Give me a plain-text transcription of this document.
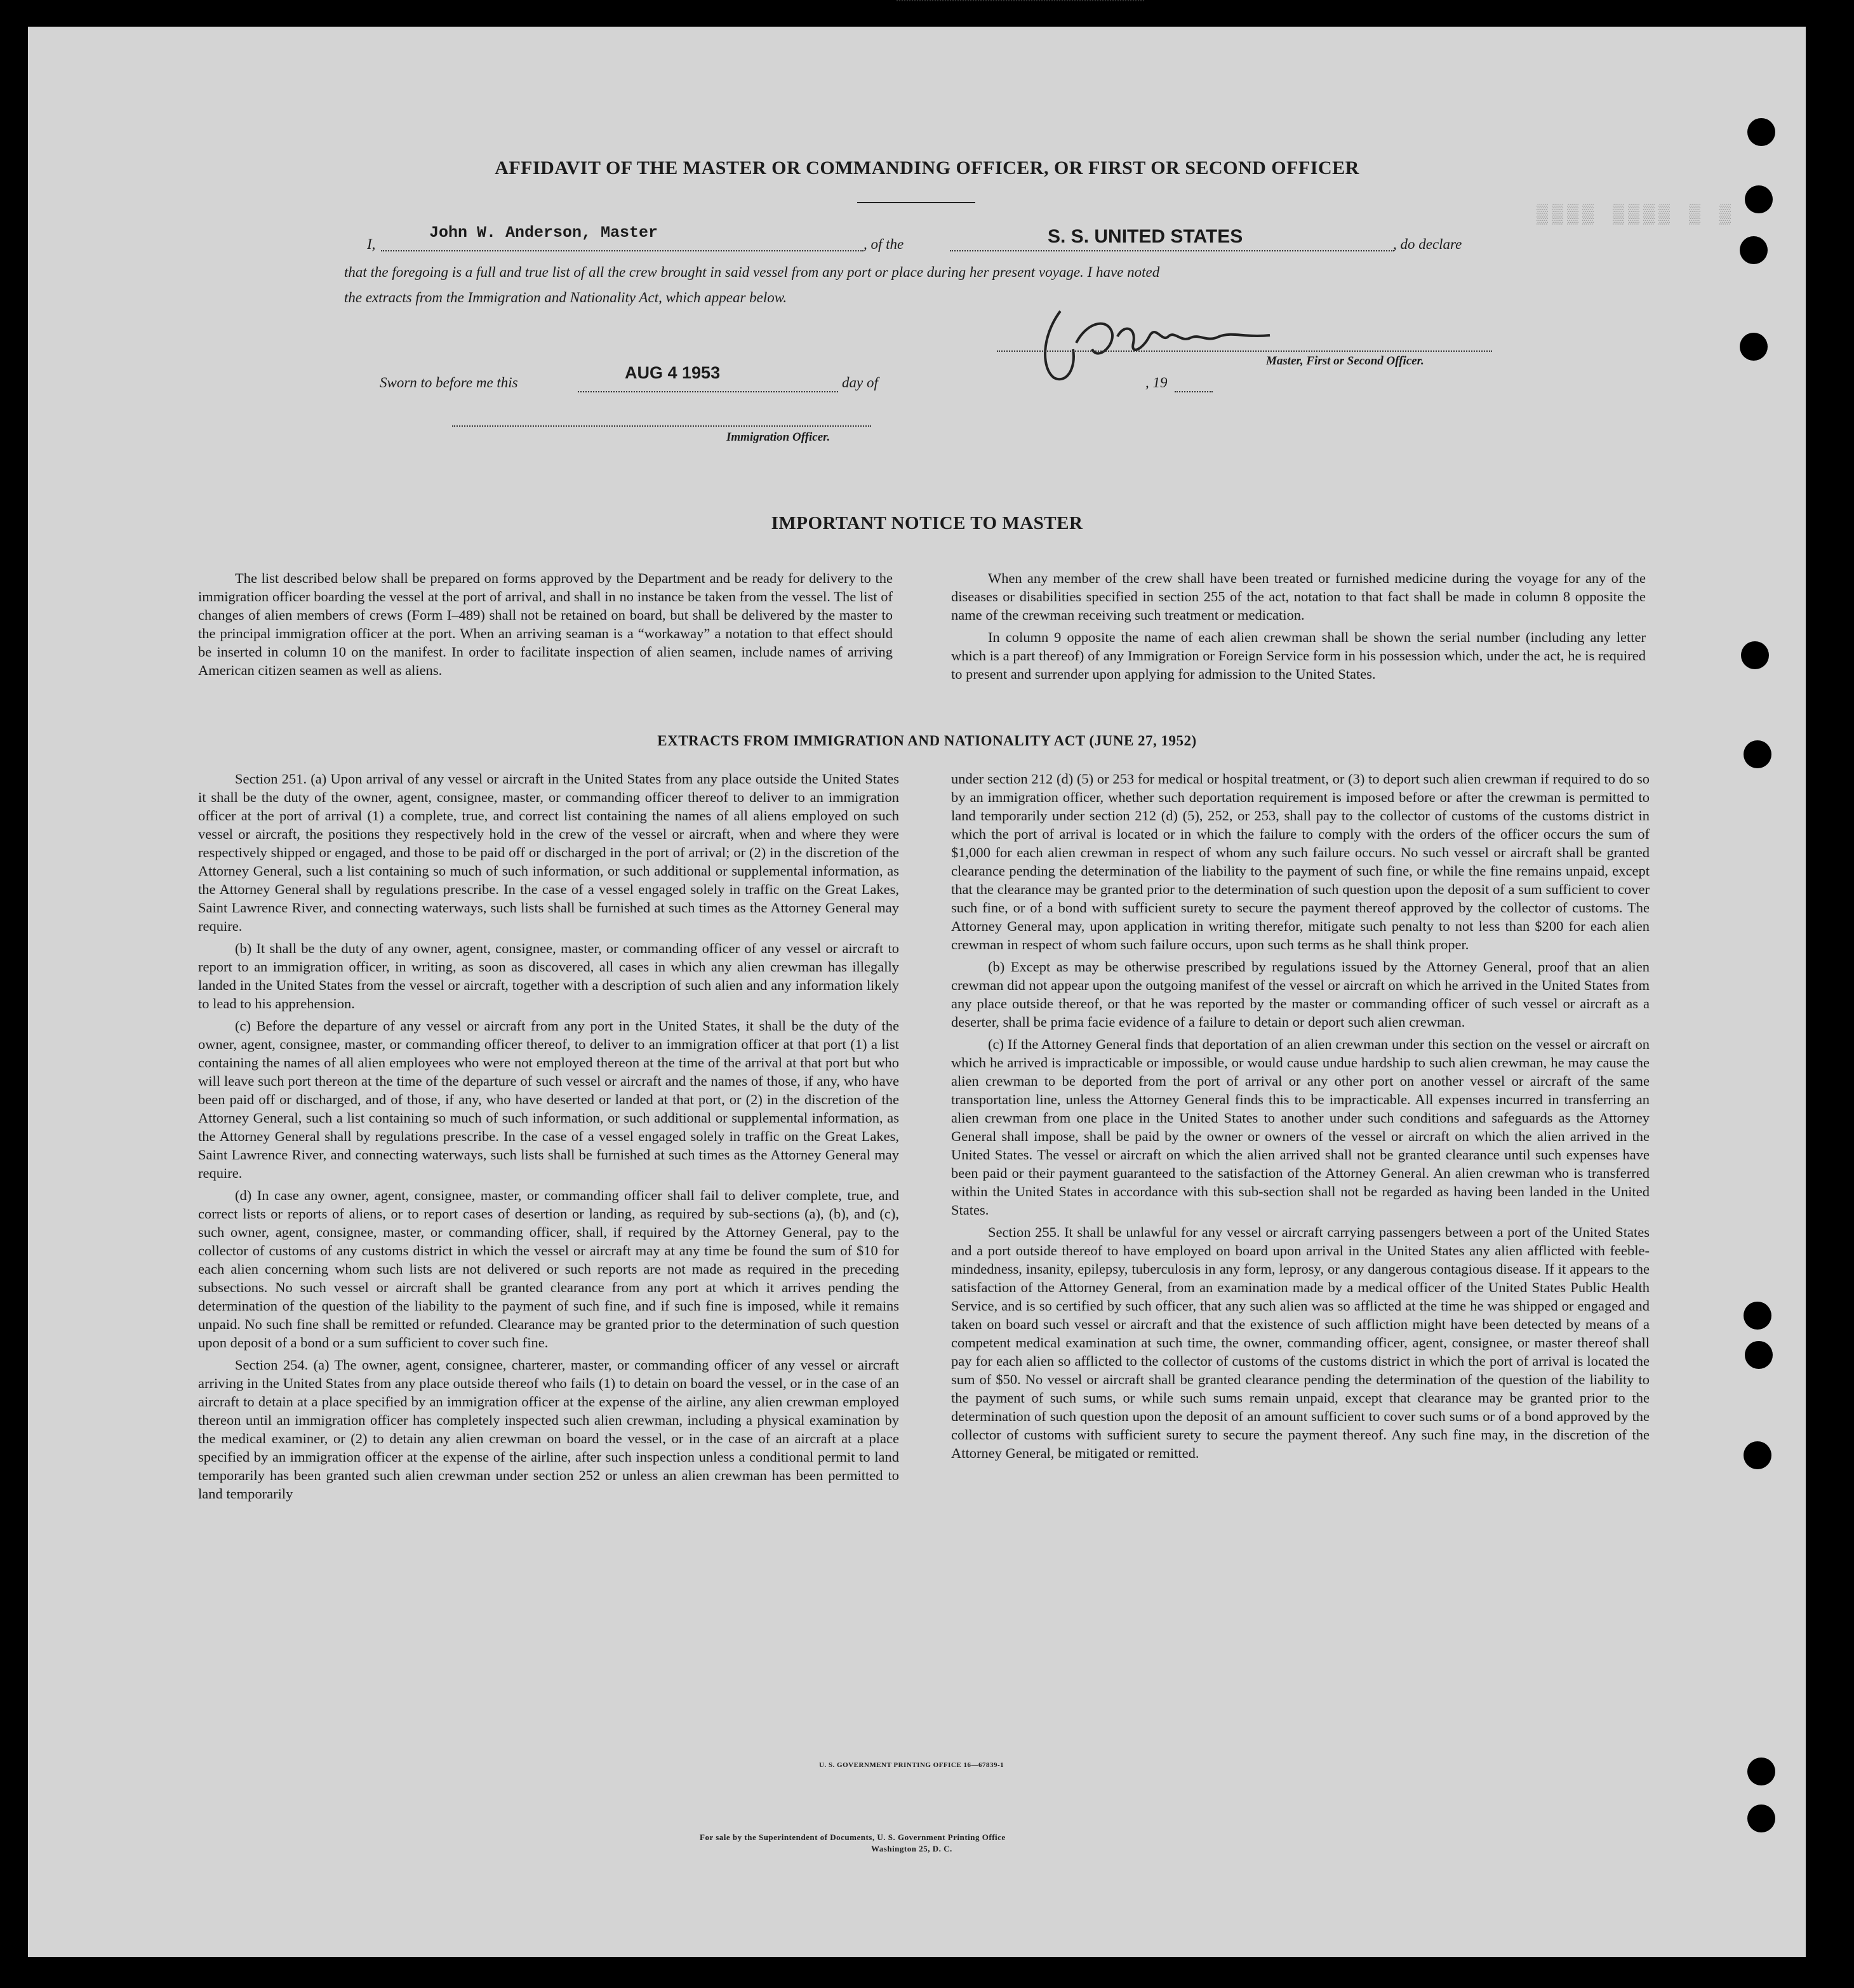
▒▒▒▒ ▒▒▒▒ ▒ ▒
AFFIDAVIT OF THE MASTER OR COMMANDING OFFICER, OR FIRST OR SECOND OFFICER
I,
John W. Anderson, Master
, of the	S. S. UNITED STATES	, do declare
that the foregoing is a full and true list of all the crew brought in said vessel from any port or place during her present voyage. I have noted
the extracts from the Immigration and Nationality Act, which appear below.
Master, First or Second Officer.
Sworn to before me this
AUG 4 1953
day of	, 19
Immigration Officer.
IMPORTANT NOTICE TO MASTER

The list described below shall be prepared on forms approved by the Department and be ready for delivery to the immigration officer boarding the vessel at the port of arrival, and shall in no instance be taken from the vessel. The list of changes of alien members of crews (Form I–489) shall not be retained on board, but shall be delivered by the master to the principal immigration officer at the port. When an arriving seaman is a “workaway” a notation to that effect should be inserted in column 10 on the manifest. In order to facilitate inspection of alien seamen, include names of arriving American citizen seamen as well as aliens.

When any member of the crew shall have been treated or furnished medicine during the voyage for any of the diseases or disabilities specified in section 255 of the act, notation to that fact shall be made in column 8 opposite the name of the crewman receiving such treatment or medication.

In column 9 opposite the name of each alien crewman shall be shown the serial number (including any letter which is a part thereof) of any Immigration or Foreign Service form in his possession which, under the act, he is required to present and surrender upon applying for admission to the United States.

EXTRACTS FROM IMMIGRATION AND NATIONALITY ACT (JUNE 27, 1952)

Section 251. (a) Upon arrival of any vessel or aircraft in the United States from any place outside the United States it shall be the duty of the owner, agent, consignee, master, or commanding officer thereof to deliver to an immigration officer at the port of arrival (1) a complete, true, and correct list containing the names of all aliens employed on such vessel or aircraft, the positions they respectively hold in the crew of the vessel or aircraft, when and where they were respectively shipped or engaged, and those to be paid off or discharged in the port of arrival; or (2) in the discretion of the Attorney General, such a list containing so much of such information, or such additional or supplemental information, as the Attorney General shall by regulations prescribe. In the case of a vessel engaged solely in traffic on the Great Lakes, Saint Lawrence River, and connecting waterways, such lists shall be furnished at such times as the Attorney General may require.

(b) It shall be the duty of any owner, agent, consignee, master, or commanding officer of any vessel or aircraft to report to an immigration officer, in writing, as soon as discovered, all cases in which any alien crewman has illegally landed in the United States from the vessel or aircraft, together with a description of such alien and any information likely to lead to his apprehension.

(c) Before the departure of any vessel or aircraft from any port in the United States, it shall be the duty of the owner, agent, consignee, master, or commanding officer thereof, to deliver to an immigration officer at that port (1) a list containing the names of all alien employees who were not employed thereon at the time of the arrival at that port but who will leave such port thereon at the time of the departure of such vessel or aircraft and the names of those, if any, who have been paid off or discharged, and of those, if any, who have deserted or landed at that port, or (2) in the discretion of the Attorney General, such a list containing so much of such information, or such additional or supplemental information, as the Attorney General shall by regulations prescribe. In the case of a vessel engaged solely in traffic on the Great Lakes, Saint Lawrence River, and connecting waterways, such lists shall be furnished at such times as the Attorney General may require.

(d) In case any owner, agent, consignee, master, or commanding officer shall fail to deliver complete, true, and correct lists or reports of aliens, or to report cases of desertion or landing, as required by sub-sections (a), (b), and (c), such owner, agent, consignee, master, or commanding officer, shall, if required by the Attorney General, pay to the collector of customs of any customs district in which the vessel or aircraft may at any time be found the sum of $10 for each alien concerning whom such lists are not delivered or such reports are not made as required in the preceding subsections. No such vessel or aircraft shall be granted clearance from any port at which it arrives pending the determination of the question of the liability to the payment of such fine, and if such fine is imposed, while it remains unpaid. No such fine shall be remitted or refunded. Clearance may be granted prior to the determination of such question upon deposit of a bond or a sum sufficient to cover such fine.

Section 254. (a) The owner, agent, consignee, charterer, master, or commanding officer of any vessel or aircraft arriving in the United States from any place outside thereof who fails (1) to detain on board the vessel, or in the case of an aircraft to detain at a place specified by an immigration officer at the expense of the airline, any alien crewman employed thereon until an immigration officer has completely inspected such alien crewman, including a physical examination by the medical examiner, or (2) to detain any alien crewman on board the vessel, or in the case of an aircraft at a place specified by an immigration officer at the expense of the airline, after such inspection unless a conditional permit to land temporarily has been granted such alien crewman under section 252 or unless an alien crewman has been permitted to land temporarily

under section 212 (d) (5) or 253 for medical or hospital treatment, or (3) to deport such alien crewman if required to do so by an immigration officer, whether such deportation requirement is imposed before or after the crewman is permitted to land temporarily under section 212 (d) (5), 252, or 253, shall pay to the collector of customs of the customs district in which the port of arrival is located or in which the failure to comply with the orders of the officer occurs the sum of $1,000 for each alien crewman in respect of whom any such failure occurs. No such vessel or aircraft shall be granted clearance pending the determination of the liability to the payment of such fine, or while the fine remains unpaid, except that the clearance may be granted prior to the determination of such question upon the deposit of a sum sufficient to cover such fine, or of a bond with sufficient surety to secure the payment thereof approved by the collector of customs. The Attorney General may, upon application in writing therefor, mitigate such penalty to not less than $200 for each alien crewman in respect of whom such failure occurs, upon such terms as he shall think proper.

(b) Except as may be otherwise prescribed by regulations issued by the Attorney General, proof that an alien crewman did not appear upon the outgoing manifest of the vessel or aircraft on which he arrived in the United States from any place outside thereof, or that he was reported by the master or commanding officer of such vessel or aircraft as a deserter, shall be prima facie evidence of a failure to detain or deport such alien crewman.

(c) If the Attorney General finds that deportation of an alien crewman under this section on the vessel or aircraft on which he arrived is impracticable or impossible, or would cause undue hardship to such alien crewman, he may cause the alien crewman to be deported from the port of arrival or any other port on another vessel or aircraft of the same transportation line, unless the Attorney General finds this to be impracticable. All expenses incurred in transferring an alien crewman from one place in the United States to another under such conditions and safeguards as the Attorney General shall impose, shall be paid by the owner or owners of the vessel or aircraft on which the alien arrived in the United States. The vessel or aircraft on which the alien arrived shall not be granted clearance until such expenses have been paid or their payment guaranteed to the satisfaction of the Attorney General. An alien crewman who is transferred within the United States in accordance with this sub-section shall not be regarded as having been landed in the United States.

Section 255. It shall be unlawful for any vessel or aircraft carrying passengers between a port of the United States and a port outside thereof to have employed on board upon arrival in the United States any alien afflicted with feeble-mindedness, insanity, epilepsy, tuberculosis in any form, leprosy, or any dangerous contagious disease. If it appears to the satisfaction of the Attorney General, from an examination made by a medical officer of the United States Public Health Service, and is so certified by such officer, that any such alien was so afflicted at the time he was shipped or engaged and taken on board such vessel or aircraft and that the existence of such affliction might have been detected by means of a competent medical examination at such time, the owner, commanding officer, agent, consignee, or master thereof shall pay for each alien so afflicted to the collector of customs of the customs district in which the port of arrival is located the sum of $50. No vessel or aircraft shall be granted clearance pending the determination of the question of the liability to the payment of such sums, or while such sums remain unpaid, except that clearance may be granted prior to the determination of such question upon the deposit of an amount sufficient to cover such sums or of a bond approved by the collector of customs with sufficient surety to secure the payment thereof. Any such fine may, in the discretion of the Attorney General, be mitigated or remitted.

U. S. GOVERNMENT PRINTING OFFICE 16—67839-1
For sale by the Superintendent of Documents, U. S. Government Printing Office
Washington 25, D. C.
